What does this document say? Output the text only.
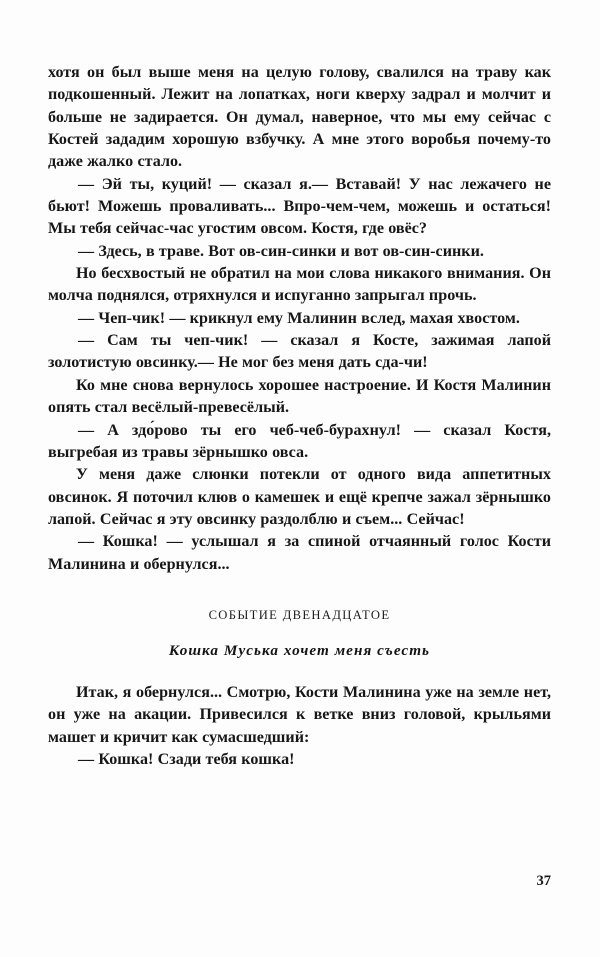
хотя он был выше меня на целую голову, свалился на траву как подкошенный. Лежит на лопатках, ноги кверху задрал и молчит и больше не задирается. Он думал, наверное, что мы ему сейчас с Костей зададим хорошую взбучку. А мне этого воробья почему-то даже жалко стало.

— Эй ты, куций! — сказал я.— Вставай! У нас лежачего не бьют! Можешь проваливать... Впро-чем-чем, можешь и остаться! Мы тебя сейчас-час угостим овсом. Костя, где овёс?

— Здесь, в траве. Вот ов-син-синки и вот ов-син-синки.

Но бесхвостый не обратил на мои слова никакого внимания. Он молча поднялся, отряхнулся и испуганно запрыгал прочь.

— Чеп-чик! — крикнул ему Малинин вслед, махая хвостом.

— Сам ты чеп-чик! — сказал я Косте, зажимая лапой золотистую овсинку.— Не мог без меня дать сда-чи!

Ко мне снова вернулось хорошее настроение. И Костя Малинин опять стал весёлый-превесёлый.

— А здо́рово ты его чеб-чеб-бурахнул! — сказал Костя, выгребая из травы зёрнышко овса.

У меня даже слюнки потекли от одного вида аппетитных овсинок. Я поточил клюв о камешек и ещё крепче зажал зёрнышко лапой. Сейчас я эту овсинку раздолблю и съем... Сейчас!

— Кошка! — услышал я за спиной отчаянный голос Кости Малинина и обернулся...

СОБЫТИЕ ДВЕНАДЦАТОЕ

Кошка Муська хочет меня съесть

Итак, я обернулся... Смотрю, Кости Малинина уже на земле нет, он уже на акации. Привесился к ветке вниз головой, крыльями машет и кричит как сумасшедший:

— Кошка! Сзади тебя кошка!

37
